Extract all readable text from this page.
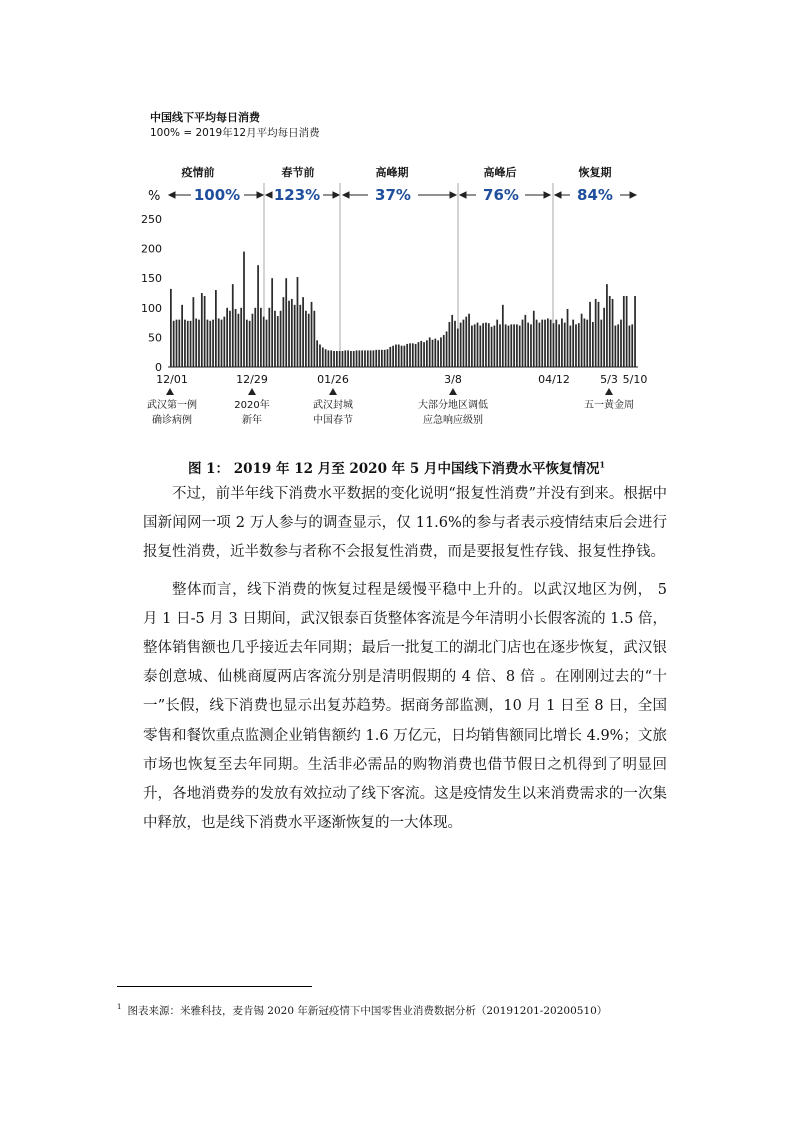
中国线下平均每日消费
100% = 2019年12月平均每日消费
疫情前	春节前	高峰期	高峰后	恢复期
% 100% 123%	37%	76%	84%
0
50
100
150
200
250
12/01	12/29	01/26	3/8	04/12	5/3 5/10
武汉第一例
确诊病例
2020年
新年
武汉封城
中国春节
大部分地区调低
应急响应级别
五一黄金周
图 1： 2019 年 12 月至 2020 年 5 月中国线下消费水平恢复情况$^1$

不过，前半年线下消费水平数据的变化说明“报复性消费”并没有到来。根据中国新闻网一项 2 万人参与的调查显示，仅 11.6%的参与者表示疫情结束后会进行报复性消费，近半数参与者称不会报复性消费，而是要报复性存钱、报复性挣钱。

整体而言，线下消费的恢复过程是缓慢平稳中上升的。以武汉地区为例， 5 月 1 日-5 月 3 日期间，武汉银泰百货整体客流是今年清明小长假客流的 1.5 倍，整体销售额也几乎接近去年同期；最后一批复工的湖北门店也在逐步恢复，武汉银泰创意城、仙桃商厦两店客流分别是清明假期的 4 倍、8 倍 。在刚刚过去的“十一”长假，线下消费也显示出复苏趋势。据商务部监测，10 月 1 日至 8 日，全国零售和餐饮重点监测企业销售额约 1.6 万亿元，日均销售额同比增长 4.9%；文旅市场也恢复至去年同期。生活非必需品的购物消费也借节假日之机得到了明显回升，各地消费券的发放有效拉动了线下客流。这是疫情发生以来消费需求的一次集中释放，也是线下消费水平逐渐恢复的一大体现。

$^1$ 图表来源：米雅科技，麦肯锡 2020 年新冠疫情下中国零售业消费数据分析（20191201-20200510）
